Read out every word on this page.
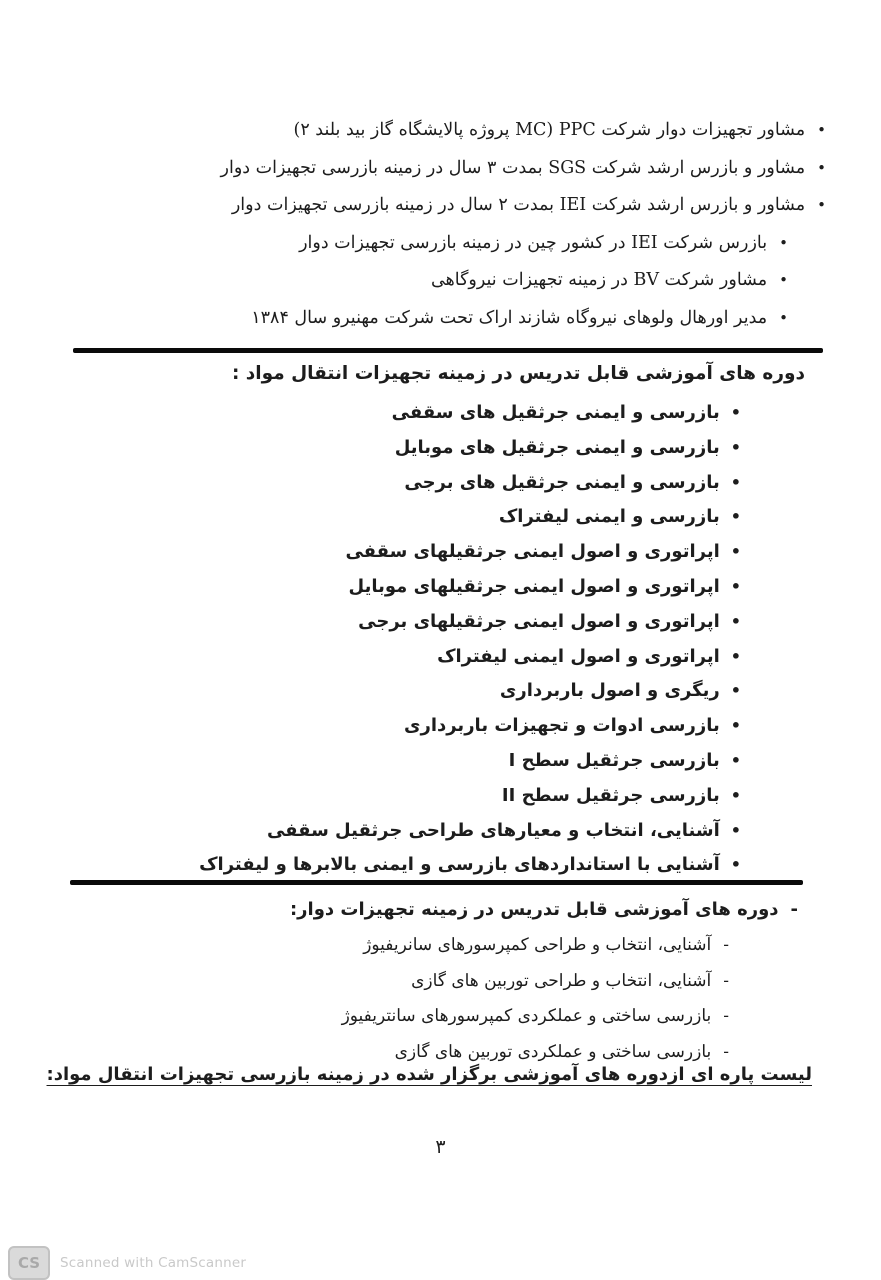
•
مشاور تجهیزات دوار شرکت MC) PPC پروژه پالایشگاه گاز بید بلند ۲)
•
مشاور و بازرس ارشد شرکت SGS بمدت ۳ سال در زمینه بازرسی تجهیزات دوار
•
مشاور و بازرس ارشد شرکت IEI بمدت ۲ سال در زمینه بازرسی تجهیزات دوار
•
بازرس شرکت IEI در کشور چین در زمینه بازرسی تجهیزات دوار
•
مشاور شرکت BV در زمینه تجهیزات نیروگاهی
•
مدیر اورهال ولوهای نیروگاه شازند اراک تحت شرکت مهنیرو سال ۱۳۸۴
دوره های آموزشی قابل تدریس در زمینه تجهیزات انتقال مواد :
•
بازرسی و ایمنی جرثقیل های سقفی
•
بازرسی و ایمنی جرثقیل های موبایل
•
بازرسی و ایمنی جرثقیل های برجی
•
بازرسی و ایمنی لیفتراک
•
اپراتوری و اصول ایمنی جرثقیلهای سقفی
•
اپراتوری و اصول ایمنی جرثقیلهای موبایل
•
اپراتوری و اصول ایمنی جرثقیلهای برجی
•
اپراتوری و اصول ایمنی لیفتراک
•
ریگری و اصول باربرداری
•
بازرسی ادوات و تجهیزات باربرداری
•
بازرسی جرثقیل سطح I
•
بازرسی جرثقیل سطح II
•
آشنایی، انتخاب و معیارهای طراحی جرثقیل سقفی
•
آشنایی با استانداردهای بازرسی و ایمنی بالابرها و لیفتراک
-
دوره های آموزشی قابل تدریس در زمینه تجهیزات دوار:
-
آشنایی، انتخاب و طراحی کمپرسورهای سانریفیوژ
-
آشنایی، انتخاب و طراحی توربین های گازی
-
بازرسی ساختی و عملکردی کمپرسورهای سانتریفیوژ
-
بازرسی ساختی و عملکردی توربین های گازی
لیست پاره ای ازدوره های آموزشی برگزار شده در زمینه بازرسی تجهیزات انتقال مواد:
۳
CS	Scanned with CamScanner
